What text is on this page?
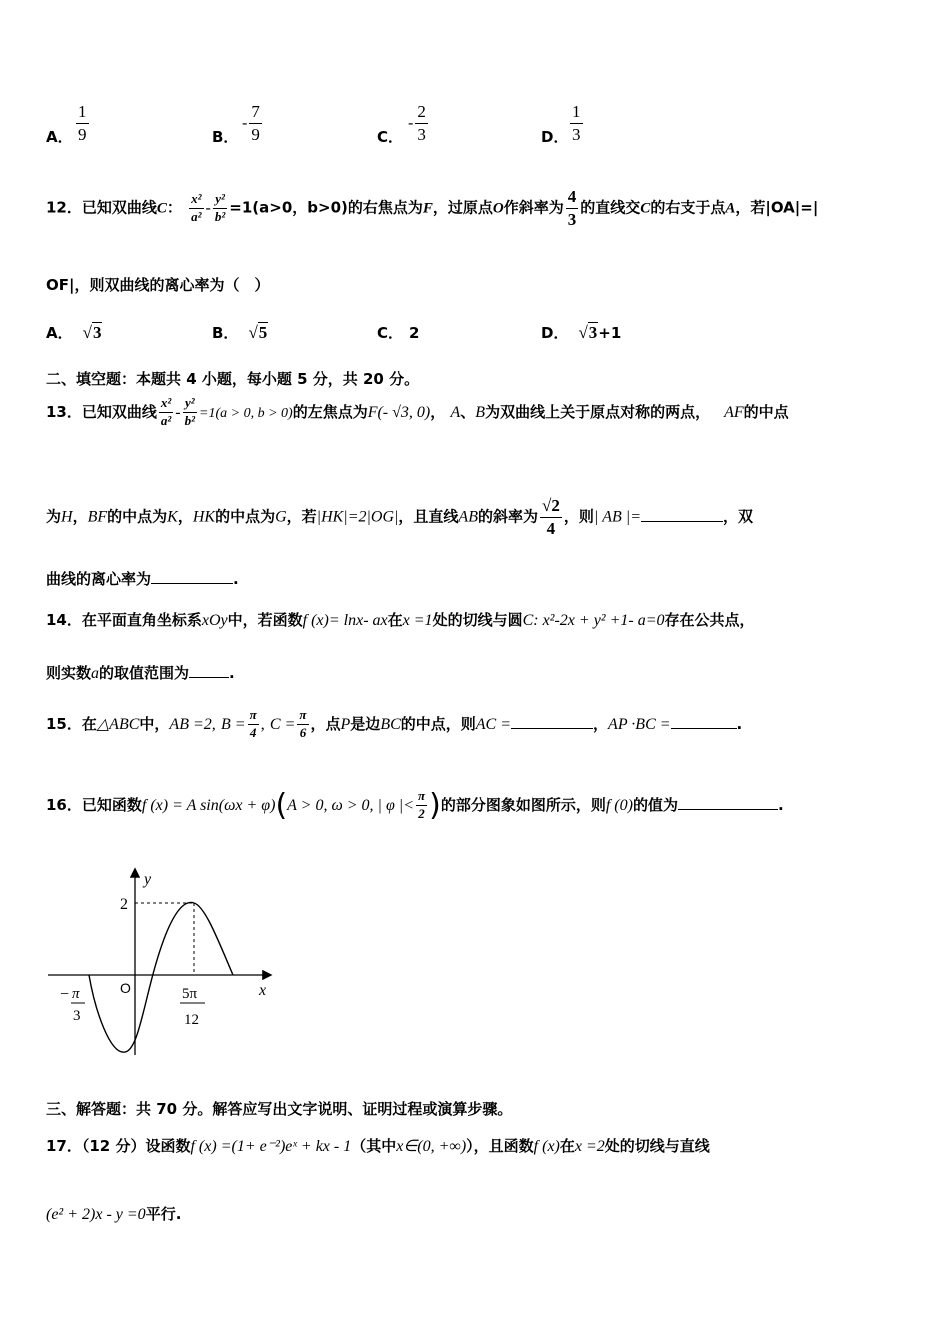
A． $\frac{1}{9}$	B．
- $\frac{7}{9}$	C．
- $\frac{2}{3}$	D． $\frac{1}{3}$
12．已知双曲线C： $\frac{\text{x²}}{\text{a²}} - \frac{\text{y²}}{\text{b²}} =1(a>0$，b>0)的右焦点为F，过原点O作斜率为 $\frac{4}{3}$ 的直线交C的右支于点A，若|OA|=|
OF|，则双曲线的离心率为（　）
A． √3	B． √5	C． 2	D． √3+1
二、填空题：本题共 4 小题，每小题 5 分，共 20 分。
13．已知双曲线 $\frac{\text{x²}}{\text{a²}} - \frac{\text{y²}}{\text{b²}} =1(a > 0$, b > 0)的左焦点为F(- √3, 0)， A、B为双曲线上关于原点对称的两点， AF的中点
为H，BF的中点为K，HK的中点为G，若|HK|=2|OG|，且直线AB的斜率为 $\frac{√2}{4}$ ，则| AB |=	，双
曲线的离心率为	.
14．在平面直角坐标系xOy中，若函数f (x)= lnx- ax在x =1处的切线与圆C: x²-2x + y² +1- a=0存在公共点，
则实数a的取值范围为	.
15．在△ABC中，AB =2, $B = \frac{\pi}{4}$ , $C = \frac{\pi}{6}$ ，点P是边BC的中点，则AC =	，AP ·BC =	.
16．已知函数f (x) = A sin(ωx + φ)(A > 0, ω > 0, | φ |< $\frac{\pi}{2}$ )的部分图象如图所示，则f (0)的值为	.
y
x
O
2
− π
3
5π
12
三、解答题：共 70 分。解答应写出文字说明、证明过程或演算步骤。
17．（12 分）设函数f (x) =(1+ e⁻²)eˣ + kx - 1（其中x∈(0, +∞)），且函数f (x)在x =2处的切线与直线
(e² + 2)x - y =0平行.
